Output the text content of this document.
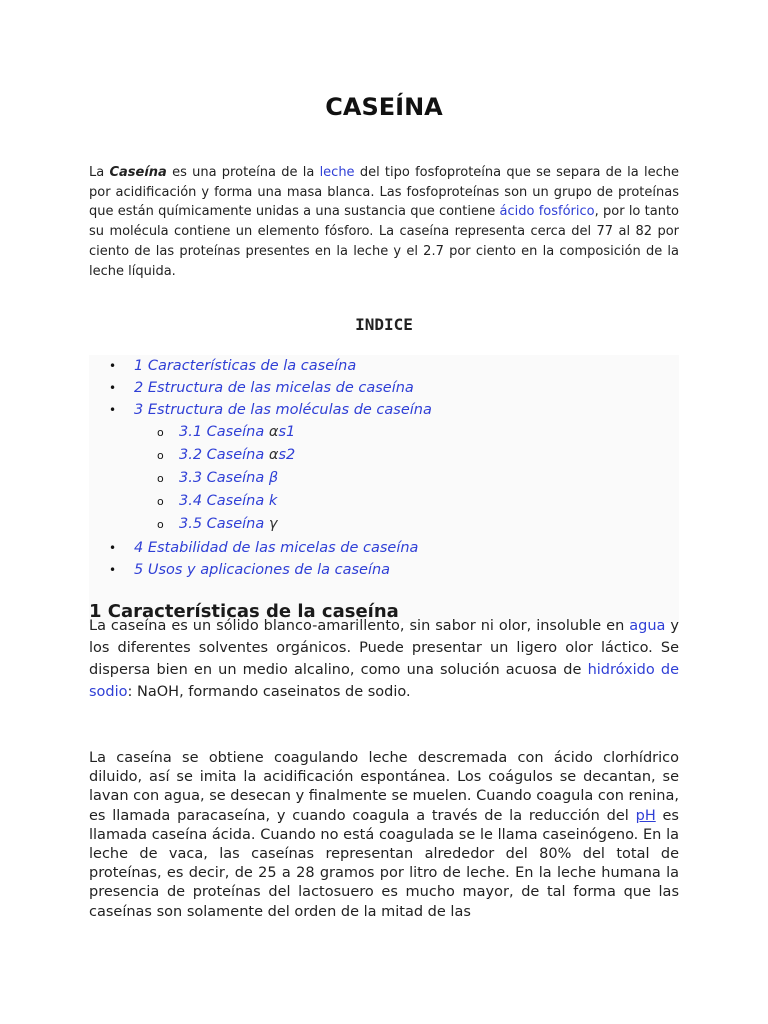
CASEÍNA

La Caseína es una proteína de la leche del tipo fosfoproteína que se separa de la leche por acidificación y forma una masa blanca. Las fosfoproteínas son un grupo de proteínas que están químicamente unidas a una sustancia que contiene ácido fosfórico, por lo tanto su molécula contiene un elemento fósforo. La caseína representa cerca del 77 al 82 por ciento de las proteínas presentes en la leche y el 2.7 por ciento en la composición de la leche líquida.

INDICE
• 1 Características de la caseína
• 2 Estructura de las micelas de caseína
• 3 Estructura de las moléculas de caseína
o 3.1 Caseína αs1
o 3.2 Caseína αs2
o 3.3 Caseína β
o 3.4 Caseína k
o 3.5 Caseína γ
• 4 Estabilidad de las micelas de caseína
• 5 Usos y aplicaciones de la caseína
1 Características de la caseína

La caseína es un sólido blanco-amarillento, sin sabor ni olor, insoluble en agua y los diferentes solventes orgánicos. Puede presentar un ligero olor láctico. Se dispersa bien en un medio alcalino, como una solución acuosa de hidróxido de sodio: NaOH, formando caseinatos de sodio.

La caseína se obtiene coagulando leche descremada con ácido clorhídrico diluido, así se imita la acidificación espontánea. Los coágulos se decantan, se lavan con agua, se desecan y finalmente se muelen. Cuando coagula con renina, es llamada paracaseína, y cuando coagula a través de la reducción del pH es llamada caseína ácida. Cuando no está coagulada se le llama caseinógeno. En la leche de vaca, las caseínas representan alrededor del 80% del total de proteínas, es decir, de 25 a 28 gramos por litro de leche. En la leche humana la presencia de proteínas del lactosuero es mucho mayor, de tal forma que las caseínas son solamente del orden de la mitad de las
